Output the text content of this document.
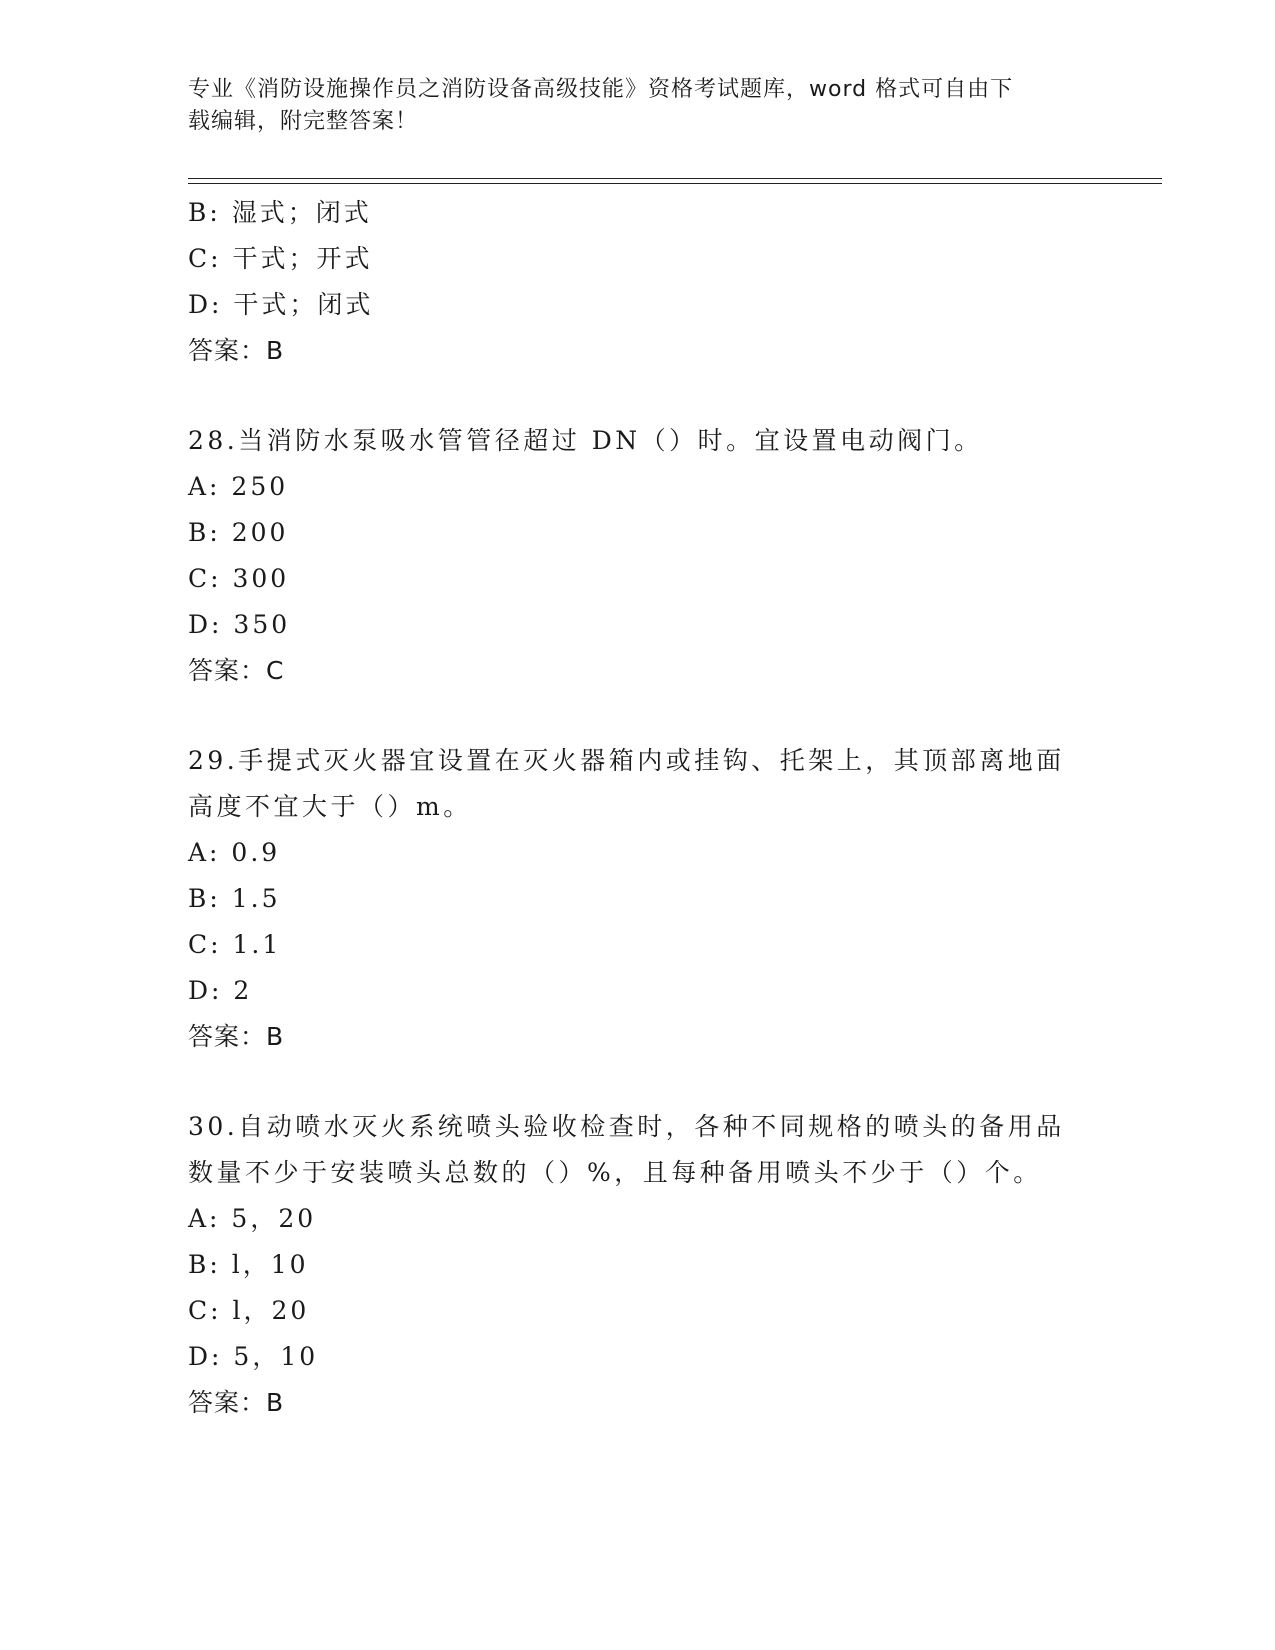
专业《消防设施操作员之消防设备高级技能》资格考试题库，word 格式可自由下
载编辑，附完整答案！
B: 湿式；闭式
C: 干式；开式
D: 干式；闭式
答案：B
28.当消防水泵吸水管管径超过 DN（）时。宜设置电动阀门。
A: 250
B: 200
C: 300
D: 350
答案：C
29.手提式灭火器宜设置在灭火器箱内或挂钩、托架上，其顶部离地面
高度不宜大于（）m。
A: 0.9
B: 1.5
C: 1.1
D: 2
答案：B
30.自动喷水灭火系统喷头验收检查时，各种不同规格的喷头的备用品
数量不少于安装喷头总数的（）%，且每种备用喷头不少于（）个。
A: 5，20
B: l，10
C: l，20
D: 5，10
答案：B
